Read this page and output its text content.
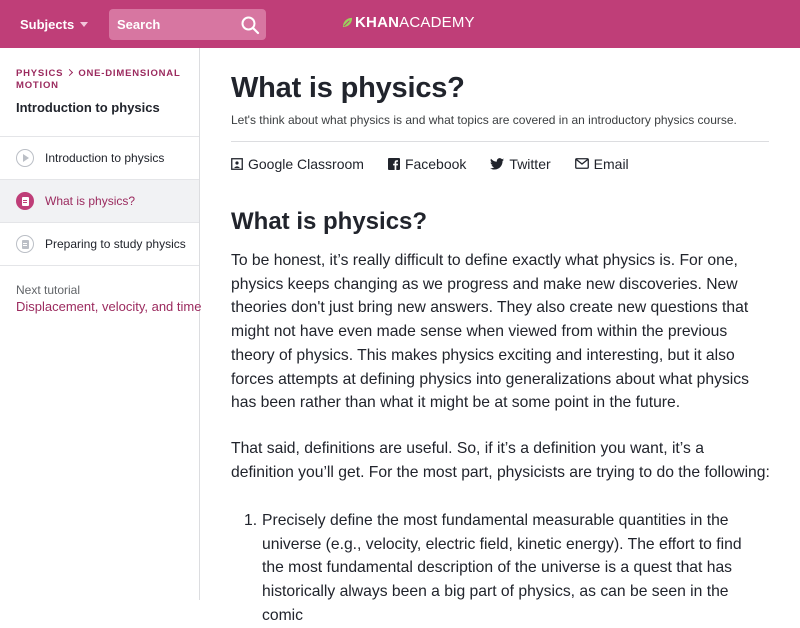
Subjects
Search	KHAN ACADEMY
PHYSICS ONE-DIMENSIONAL MOTION
Introduction to physics
Introduction to physics
What is physics?
Preparing to study physics
Next tutorial
Displacement, velocity, and time
What is physics?
Let's think about what physics is and what topics are covered in an introductory physics course.
Google Classroom	Facebook	Twitter	Email
What is physics?

To be honest, it’s really difficult to define exactly what physics is. For one, physics keeps changing as we progress and make new discoveries. New theories don't just bring new answers. They also create new questions that might not have even made sense when viewed from within the previous theory of physics. This makes physics exciting and interesting, but it also forces attempts at defining physics into generalizations about what physics has been rather than what it might be at some point in the future.

That said, definitions are useful. So, if it’s a definition you want, it’s a definition you’ll get. For the most part, physicists are trying to do the following:

1. Precisely define the most fundamental measurable quantities in the universe (e.g., velocity, electric field, kinetic energy). The effort to find the most fundamental description of the universe is a quest that has historically always been a big part of physics, as can be seen in the comic
